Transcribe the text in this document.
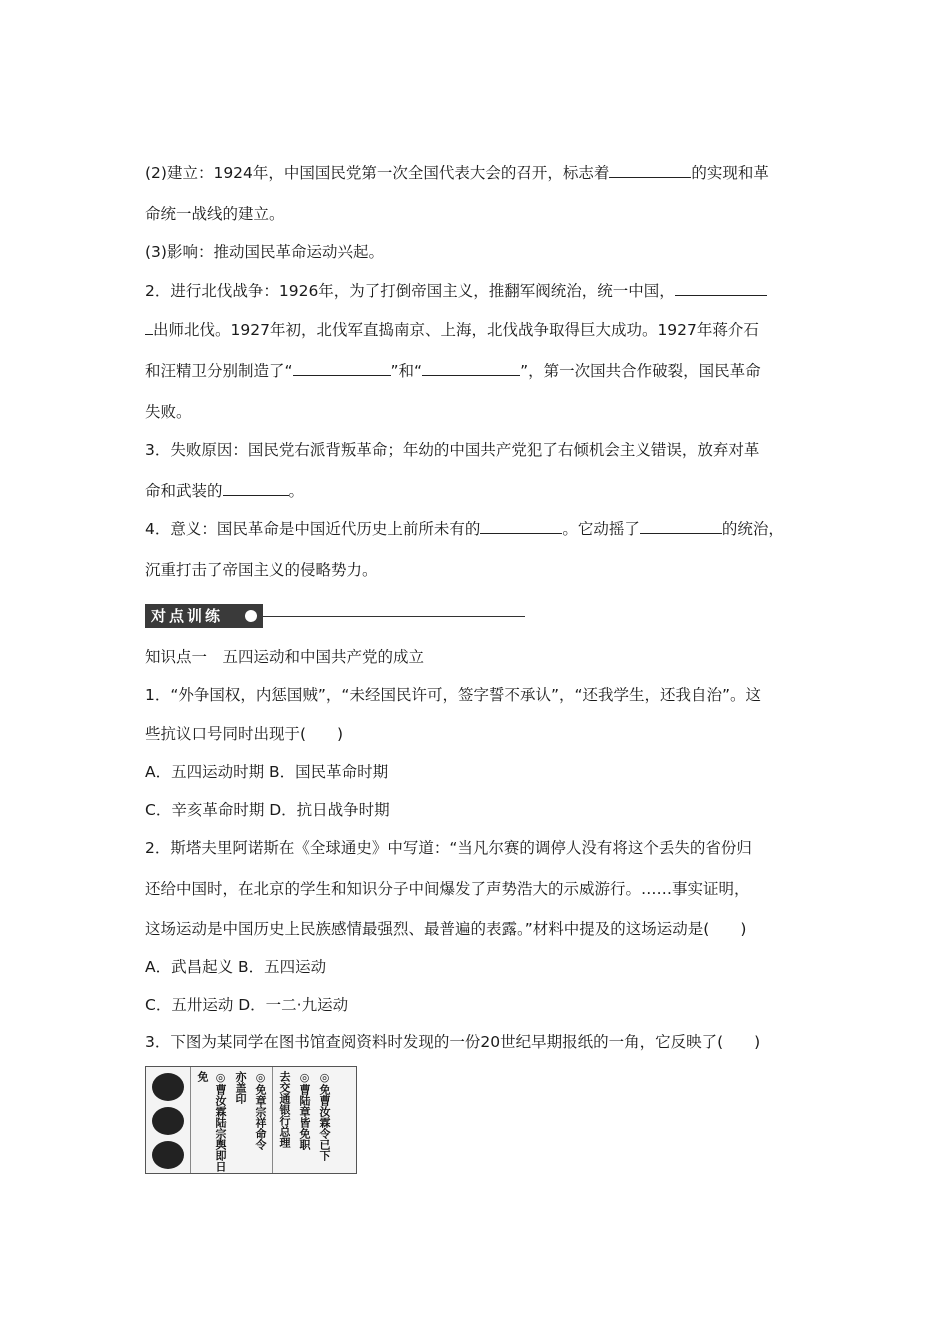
(2)建立：1924年，中国国民党第一次全国代表大会的召开，标志着	的实现和革
命统一战线的建立。
(3)影响：推动国民革命运动兴起。
2．进行北伐战争：1926年，为了打倒帝国主义，推翻军阀统治，统一中国，
出师北伐。1927年初，北伐军直捣南京、上海，北伐战争取得巨大成功。1927年蒋介石
和汪精卫分别制造了“	”和“	”，第一次国共合作破裂，国民革命
失败。
3．失败原因：国民党右派背叛革命；年幼的中国共产党犯了右倾机会主义错误，放弃对革
命和武装的	。
4．意义：国民革命是中国近代历史上前所未有的	。它动摇了	的统治，
沉重打击了帝国主义的侵略势力。
对点训练
知识点一　五四运动和中国共产党的成立
1．“外争国权，内惩国贼”，“未经国民许可，签字誓不承认”，“还我学生，还我自治”。这
些抗议口号同时出现于(　　)
A．五四运动时期 B．国民革命时期
C．辛亥革命时期 D．抗日战争时期
2．斯塔夫里阿诺斯在《全球通史》中写道：“当凡尔赛的调停人没有将这个丢失的省份归
还给中国时，在北京的学生和知识分子中间爆发了声势浩大的示威游行。……事实证明，
这场运动是中国历史上民族感情最强烈、最普遍的表露。”材料中提及的这场运动是(　　)
A．武昌起义 B．五四运动
C．五卅运动 D．一二·九运动
3．下图为某同学在图书馆查阅资料时发现的一份20世纪早期报纸的一角，它反映了(　　)
免 ◎曹汝霖陆宗舆即日 亦盖印 ◎免章宗祥命令 去交通银行总理 ◎曹陆章皆免职 ◎免曹汝霖令已下
